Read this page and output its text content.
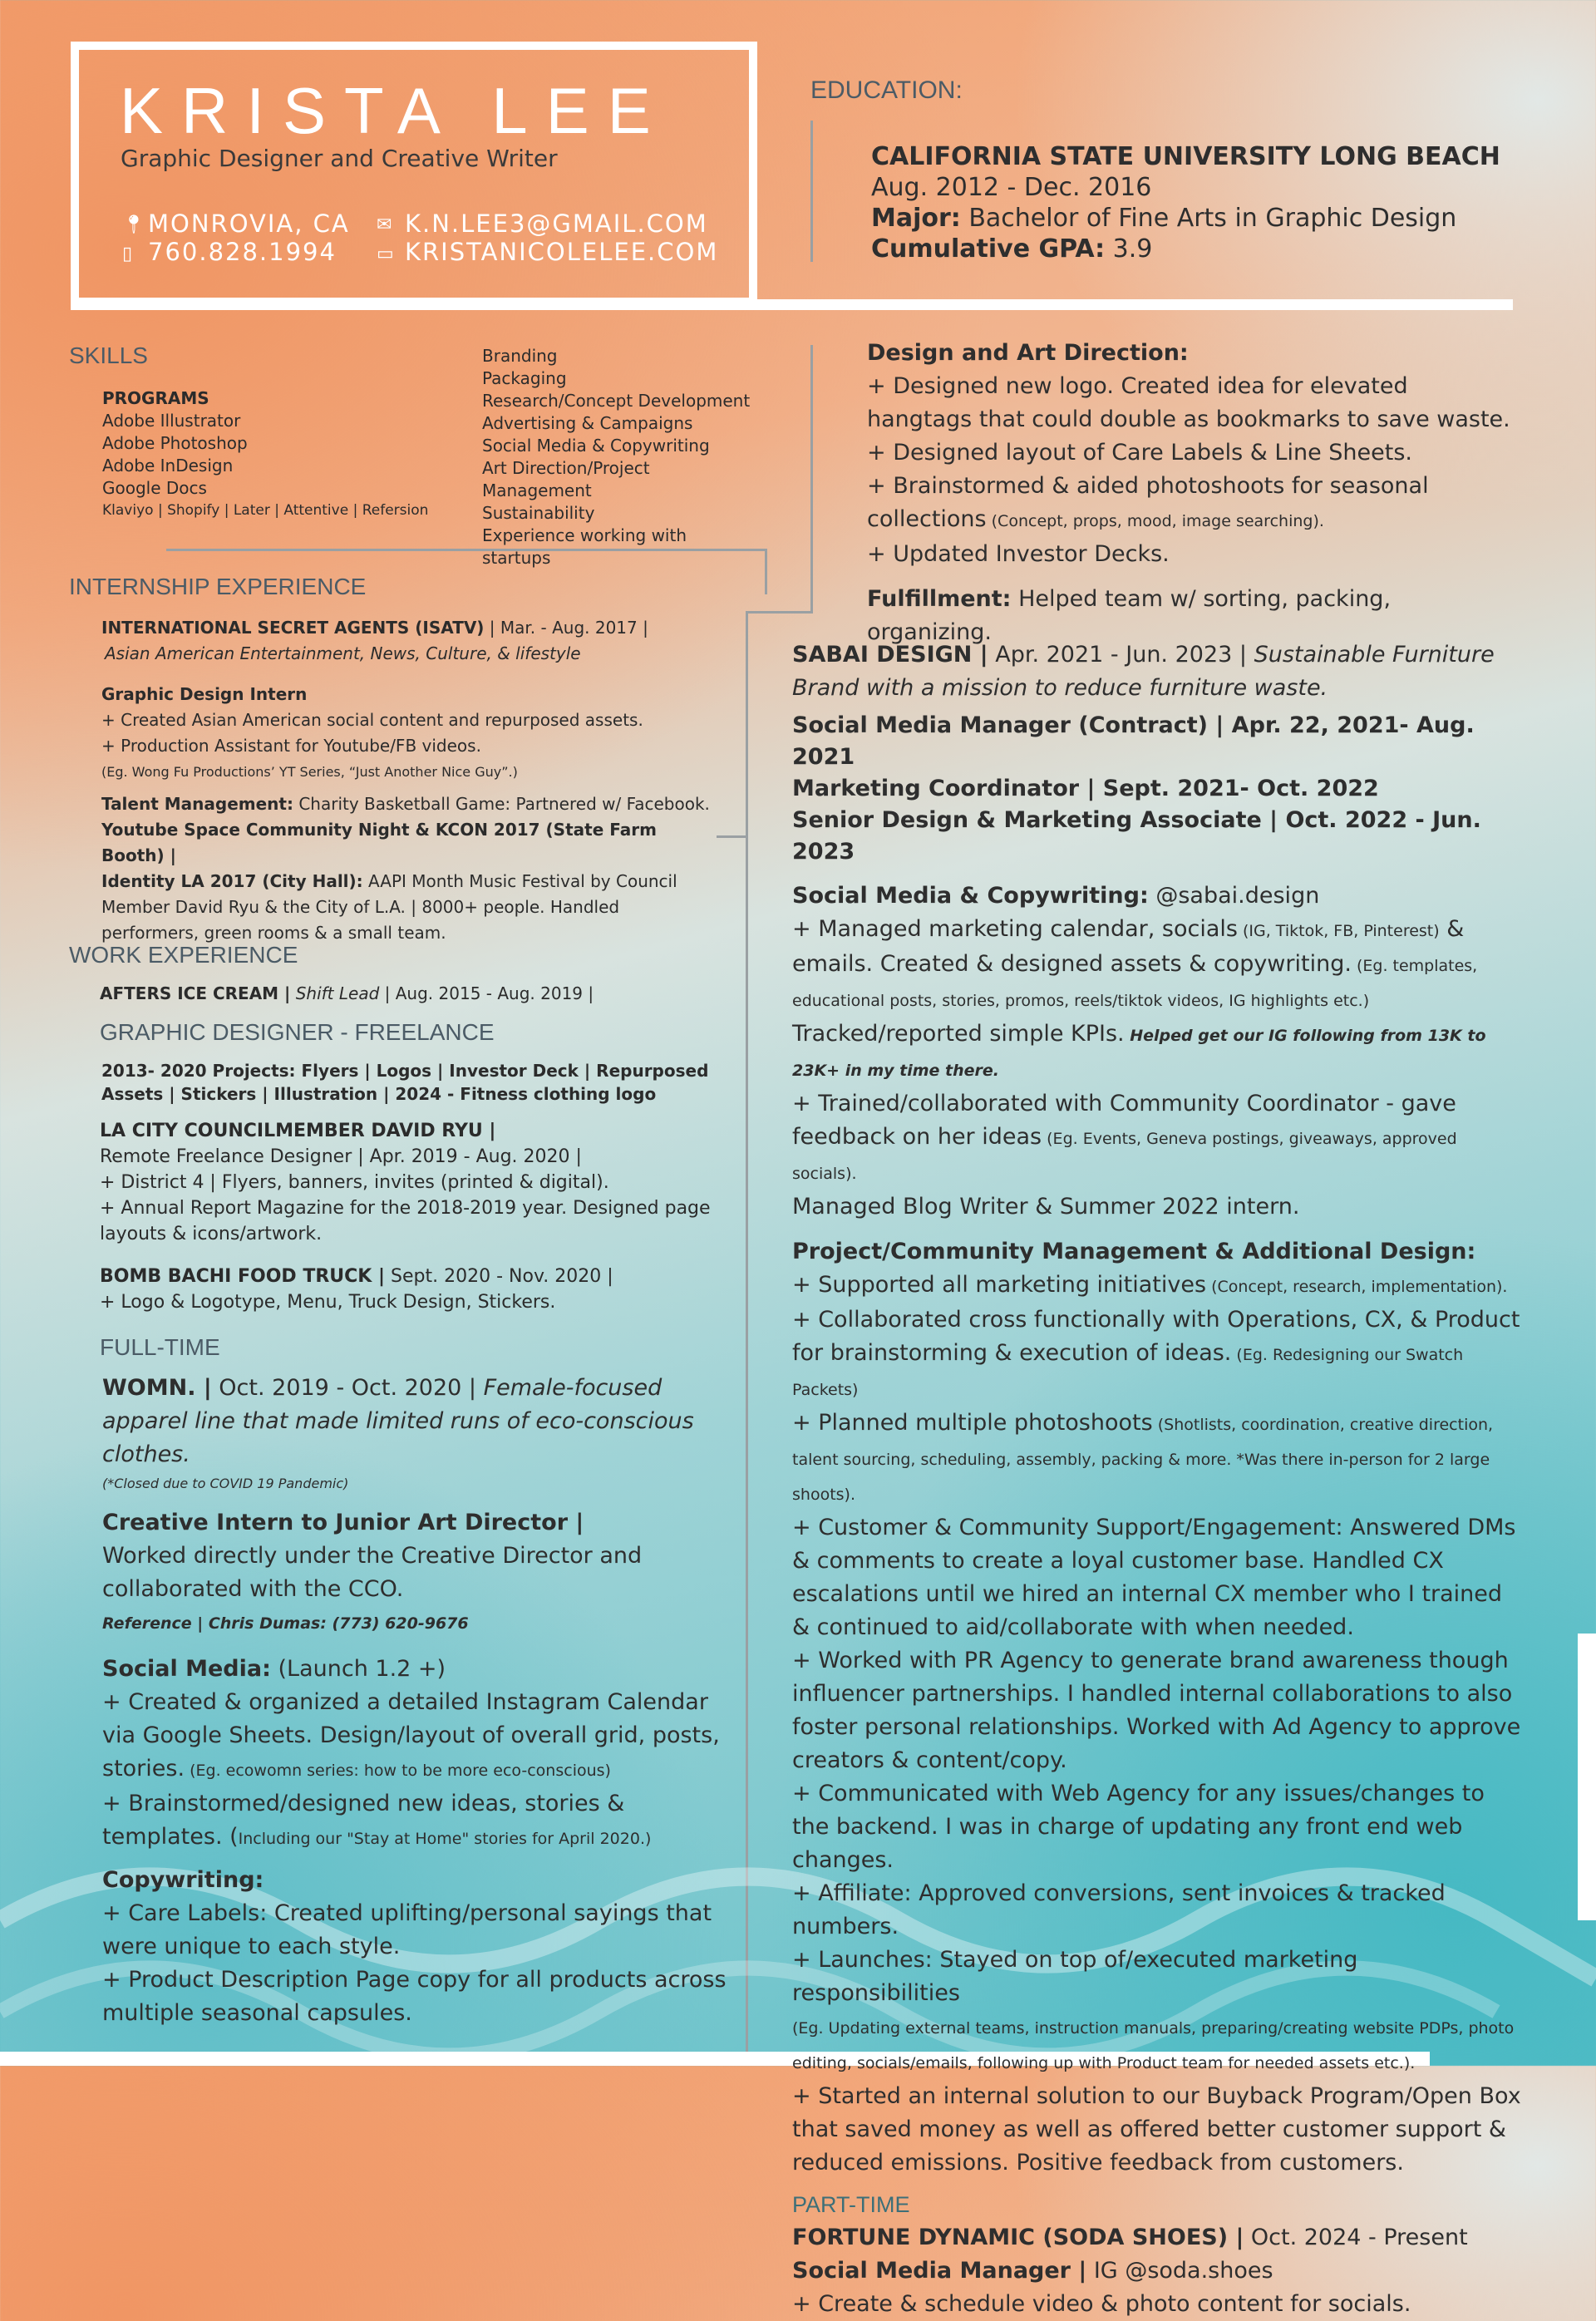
KRISTA LEE
Graphic Designer and Creative Writer
📍︎ MONROVIA, CA
▯ 760.828.1994
✉ K.N.LEE3@GMAIL.COM
▭ KRISTANICOLELEE.COM
EDUCATION:
CALIFORNIA STATE UNIVERSITY LONG BEACH
Aug. 2012 - Dec. 2016
Major: Bachelor of Fine Arts in Graphic Design
Cumulative GPA: 3.9
SKILLS
PROGRAMS
Adobe Illustrator
Adobe Photoshop
Adobe InDesign
Google Docs
Klaviyo | Shopify | Later | Attentive | Refersion
Branding
Packaging
Research/Concept Development
Advertising & Campaigns
Social Media & Copywriting
Art Direction/Project Management
Sustainability
Experience working with startups
INTERNSHIP EXPERIENCE
INTERNATIONAL SECRET AGENTS (ISATV) | Mar. - Aug. 2017 |
Asian American Entertainment, News, Culture, & lifestyle
Graphic Design Intern
+ Created Asian American social content and repurposed assets.
+ Production Assistant for Youtube/FB videos.
(Eg. Wong Fu Productions’ YT Series, “Just Another Nice Guy”.)
Talent Management: Charity Basketball Game: Partnered w/ Facebook.
Youtube Space Community Night & KCON 2017 (State Farm Booth) |
Identity LA 2017 (City Hall): AAPI Month Music Festival by Council Member David Ryu & the City of L.A. | 8000+ people. Handled performers, green rooms & a small team.
WORK EXPERIENCE
AFTERS ICE CREAM | Shift Lead | Aug. 2015 - Aug. 2019 |
GRAPHIC DESIGNER - FREELANCE
2013- 2020 Projects: Flyers | Logos | Investor Deck | Repurposed Assets | Stickers | Illustration | 2024 - Fitness clothing logo
LA CITY COUNCILMEMBER DAVID RYU |
Remote Freelance Designer | Apr. 2019 - Aug. 2020 |
+ District 4 | Flyers, banners, invites (printed & digital).
+ Annual Report Magazine for the 2018-2019 year. Designed page layouts & icons/artwork.
BOMB BACHI FOOD TRUCK | Sept. 2020 - Nov. 2020 |
+ Logo & Logotype, Menu, Truck Design, Stickers.
FULL-TIME
WOMN. | Oct. 2019 - Oct. 2020 | Female-focused apparel line that made limited runs of eco-conscious clothes.
(*Closed due to COVID 19 Pandemic)
Creative Intern to Junior Art Director |
Worked directly under the Creative Director and collaborated with the CCO.
Reference | Chris Dumas: (773) 620-9676
Social Media: (Launch 1.2 +)
+ Created & organized a detailed Instagram Calendar via Google Sheets. Design/layout of overall grid, posts, stories. (Eg. ecowomn series: how to be more eco-conscious)
+ Brainstormed/designed new ideas, stories & templates. (Including our "Stay at Home" stories for April 2020.)
Copywriting:
+ Care Labels: Created uplifting/personal sayings that were unique to each style.
+ Product Description Page copy for all products across multiple seasonal capsules.
Design and Art Direction:
+ Designed new logo. Created idea for elevated hangtags that could double as bookmarks to save waste.
+ Designed layout of Care Labels & Line Sheets.
+ Brainstormed & aided photoshoots for seasonal collections (Concept, props, mood, image searching).
+ Updated Investor Decks.
Fulfillment: Helped team w/ sorting, packing, organizing.
SABAI DESIGN | Apr. 2021 - Jun. 2023 | Sustainable Furniture Brand with a mission to reduce furniture waste.
Social Media Manager (Contract) | Apr. 22, 2021- Aug. 2021
Marketing Coordinator | Sept. 2021- Oct. 2022
Senior Design & Marketing Associate | Oct. 2022 - Jun. 2023
Social Media & Copywriting: @sabai.design
+ Managed marketing calendar, socials (IG, Tiktok, FB, Pinterest) & emails. Created & designed assets & copywriting. (Eg. templates, educational posts, stories, promos, reels/tiktok videos, IG highlights etc.) Tracked/reported simple KPIs. Helped get our IG following from 13K to 23K+ in my time there.
+ Trained/collaborated with Community Coordinator - gave feedback on her ideas (Eg. Events, Geneva postings, giveaways, approved socials).
Managed Blog Writer & Summer 2022 intern.
Project/Community Management & Additional Design:
+ Supported all marketing initiatives (Concept, research, implementation).
+ Collaborated cross functionally with Operations, CX, & Product for brainstorming & execution of ideas. (Eg. Redesigning our Swatch Packets)
+ Planned multiple photoshoots (Shotlists, coordination, creative direction, talent sourcing, scheduling, assembly, packing & more. *Was there in-person for 2 large shoots).
+ Customer & Community Support/Engagement: Answered DMs & comments to create a loyal customer base. Handled CX escalations until we hired an internal CX member who I trained & continued to aid/collaborate with when needed.
+ Worked with PR Agency to generate brand awareness though influencer partnerships. I handled internal collaborations to also foster personal relationships. Worked with Ad Agency to approve creators & content/copy.
+ Communicated with Web Agency for any issues/changes to the backend. I was in charge of updating any front end web changes.
+ Affiliate: Approved conversions, sent invoices & tracked numbers.
+ Launches: Stayed on top of/executed marketing responsibilities
(Eg. Updating external teams, instruction manuals, preparing/creating website PDPs, photo editing, socials/emails, following up with Product team for needed assets etc.).
+ Started an internal solution to our Buyback Program/Open Box that saved money as well as offered better customer support & reduced emissions. Positive feedback from customers.
PART-TIME
FORTUNE DYNAMIC (SODA SHOES) | Oct. 2024 - Present
Social Media Manager | IG @soda.shoes
+ Create & schedule video & photo content for socials.
